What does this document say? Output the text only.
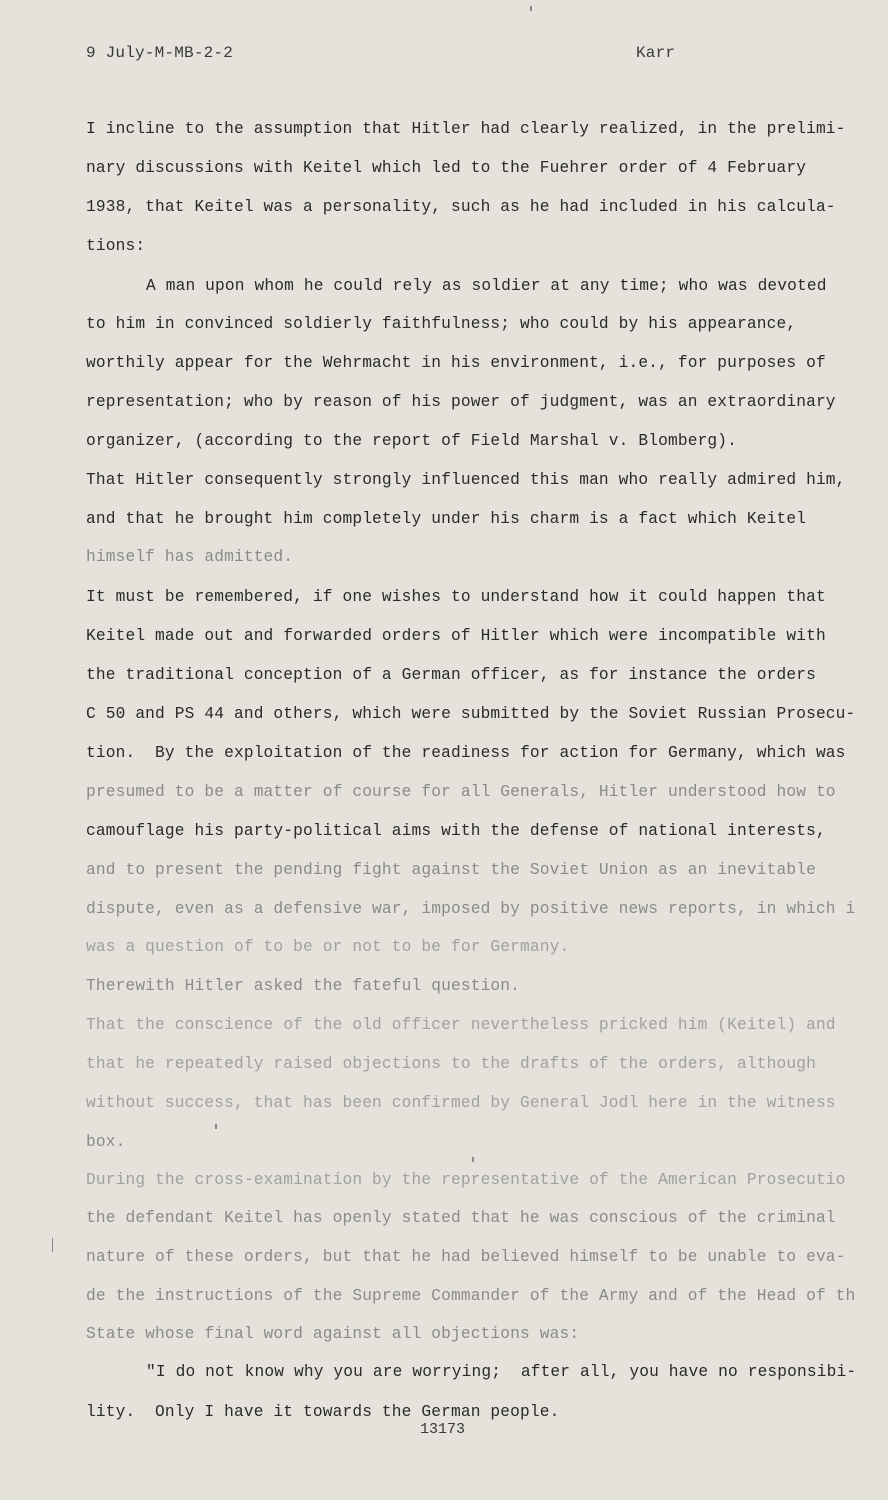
9 July-M-MB-2-2	Karr
I incline to the assumption that Hitler had clearly realized, in the prelimi-
nary discussions with Keitel which led to the Fuehrer order of 4 February
1938, that Keitel was a personality, such as he had included in his calcula-
tions:
A man upon whom he could rely as soldier at any time; who was devoted
to him in convinced soldierly faithfulness; who could by his appearance,
worthily appear for the Wehrmacht in his environment, i.e., for purposes of
representation; who by reason of his power of judgment, was an extraordinary
organizer, (according to the report of Field Marshal v. Blomberg).
That Hitler consequently strongly influenced this man who really admired him,
and that he brought him completely under his charm is a fact which Keitel
himself has admitted.
It must be remembered, if one wishes to understand how it could happen that
Keitel made out and forwarded orders of Hitler which were incompatible with
the traditional conception of a German officer, as for instance the orders
C 50 and PS 44 and others, which were submitted by the Soviet Russian Prosecu-
tion.  By the exploitation of the readiness for action for Germany, which was
presumed to be a matter of course for all Generals, Hitler understood how to
camouflage his party-political aims with the defense of national interests,
and to present the pending fight against the Soviet Union as an inevitable
dispute, even as a defensive war, imposed by positive news reports, in which i
was a question of to be or not to be for Germany.
Therewith Hitler asked the fateful question.
That the conscience of the old officer nevertheless pricked him (Keitel) and
that he repeatedly raised objections to the drafts of the orders, although
without success, that has been confirmed by General Jodl here in the witness
box.
During the cross-examination by the representative of the American Prosecutio
the defendant Keitel has openly stated that he was conscious of the criminal
nature of these orders, but that he had believed himself to be unable to eva-
de the instructions of the Supreme Commander of the Army and of the Head of th
State whose final word against all objections was:
"I do not know why you are worrying;  after all, you have no responsibi-
lity.  Only I have it towards the German people.
13173
